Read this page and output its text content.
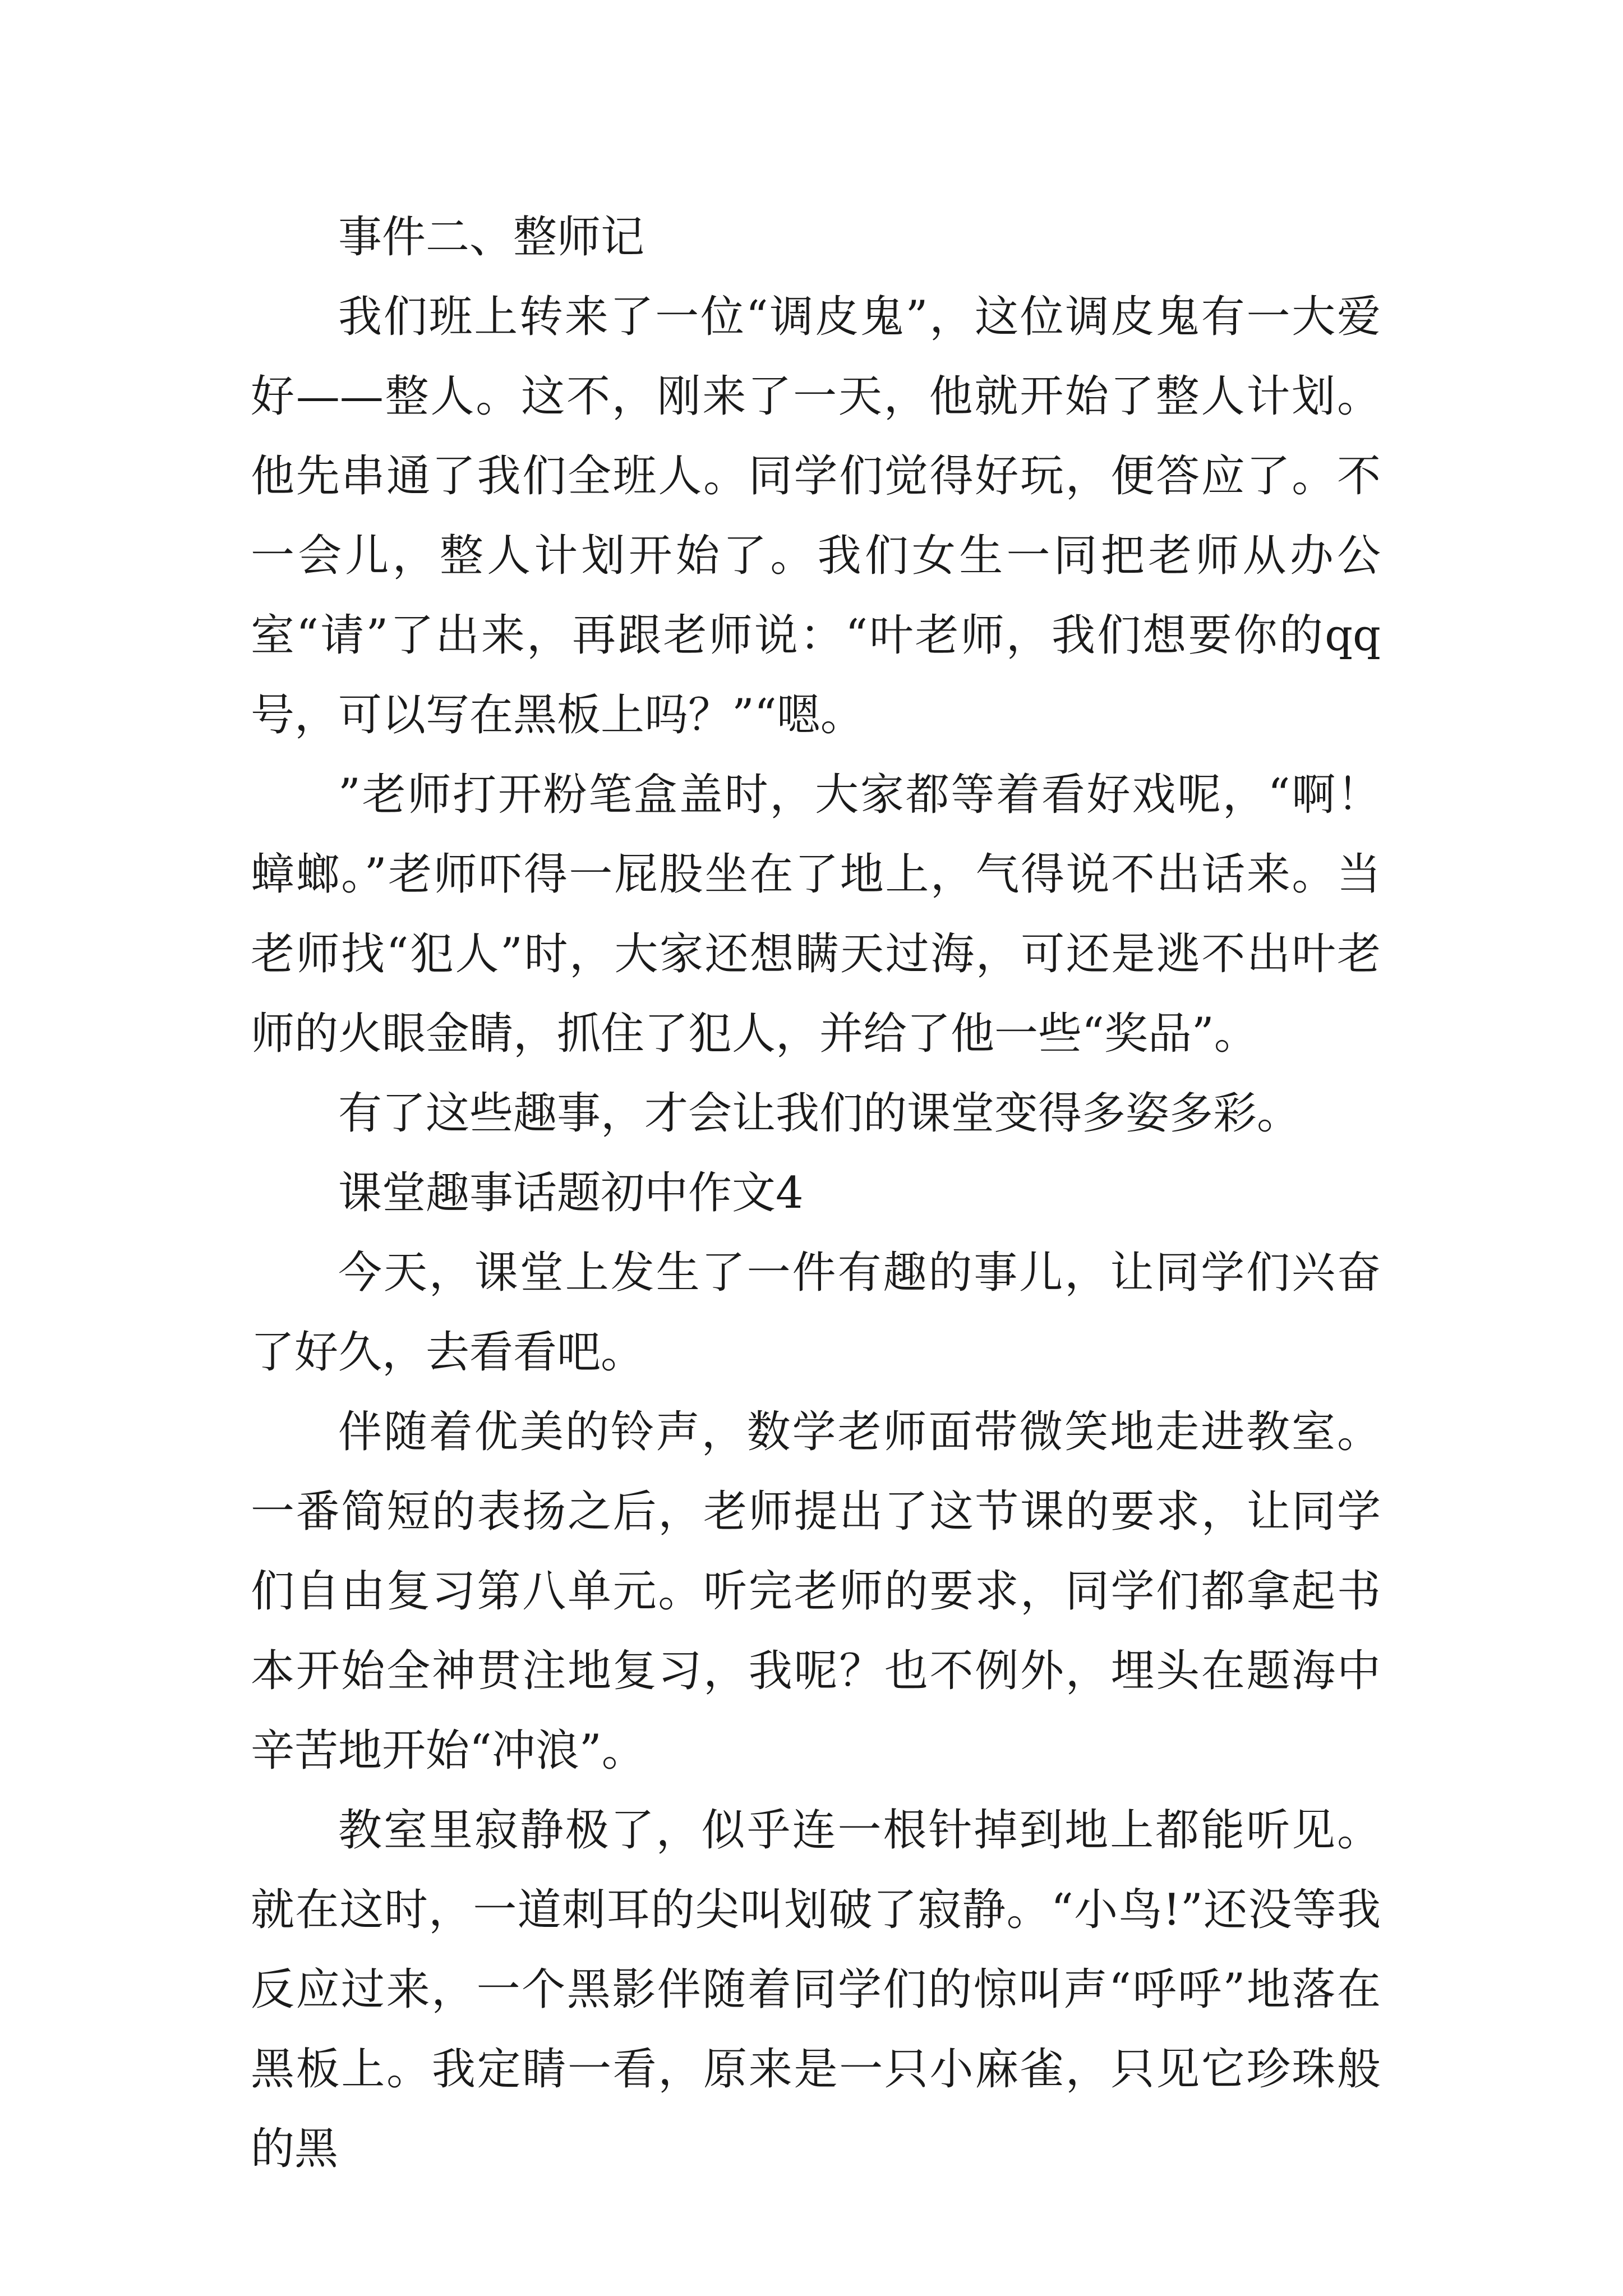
事件二、整师记

我们班上转来了一位“调皮鬼”，这位调皮鬼有一大爱好——整人。这不，刚来了一天，他就开始了整人计划。他先串通了我们全班人。同学们觉得好玩，便答应了。不一会儿，整人计划开始了。我们女生一同把老师从办公室“请”了出来，再跟老师说：“叶老师，我们想要你的qq号，可以写在黑板上吗？”“嗯。

”老师打开粉笔盒盖时，大家都等着看好戏呢，“啊！蟑螂。”老师吓得一屁股坐在了地上，气得说不出话来。当老师找“犯人”时，大家还想瞒天过海，可还是逃不出叶老师的火眼金睛，抓住了犯人，并给了他一些“奖品”。

有了这些趣事，才会让我们的课堂变得多姿多彩。

课堂趣事话题初中作文4

今天，课堂上发生了一件有趣的事儿，让同学们兴奋了好久，去看看吧。

伴随着优美的铃声，数学老师面带微笑地走进教室。一番简短的表扬之后，老师提出了这节课的要求，让同学们自由复习第八单元。听完老师的要求，同学们都拿起书本开始全神贯注地复习，我呢？也不例外，埋头在题海中辛苦地开始“冲浪”。

教室里寂静极了，似乎连一根针掉到地上都能听见。就在这时，一道刺耳的尖叫划破了寂静。“小鸟!”还没等我反应过来，一个黑影伴随着同学们的惊叫声“呼呼”地落在黑板上。我定睛一看，原来是一只小麻雀，只见它珍珠般的黑
